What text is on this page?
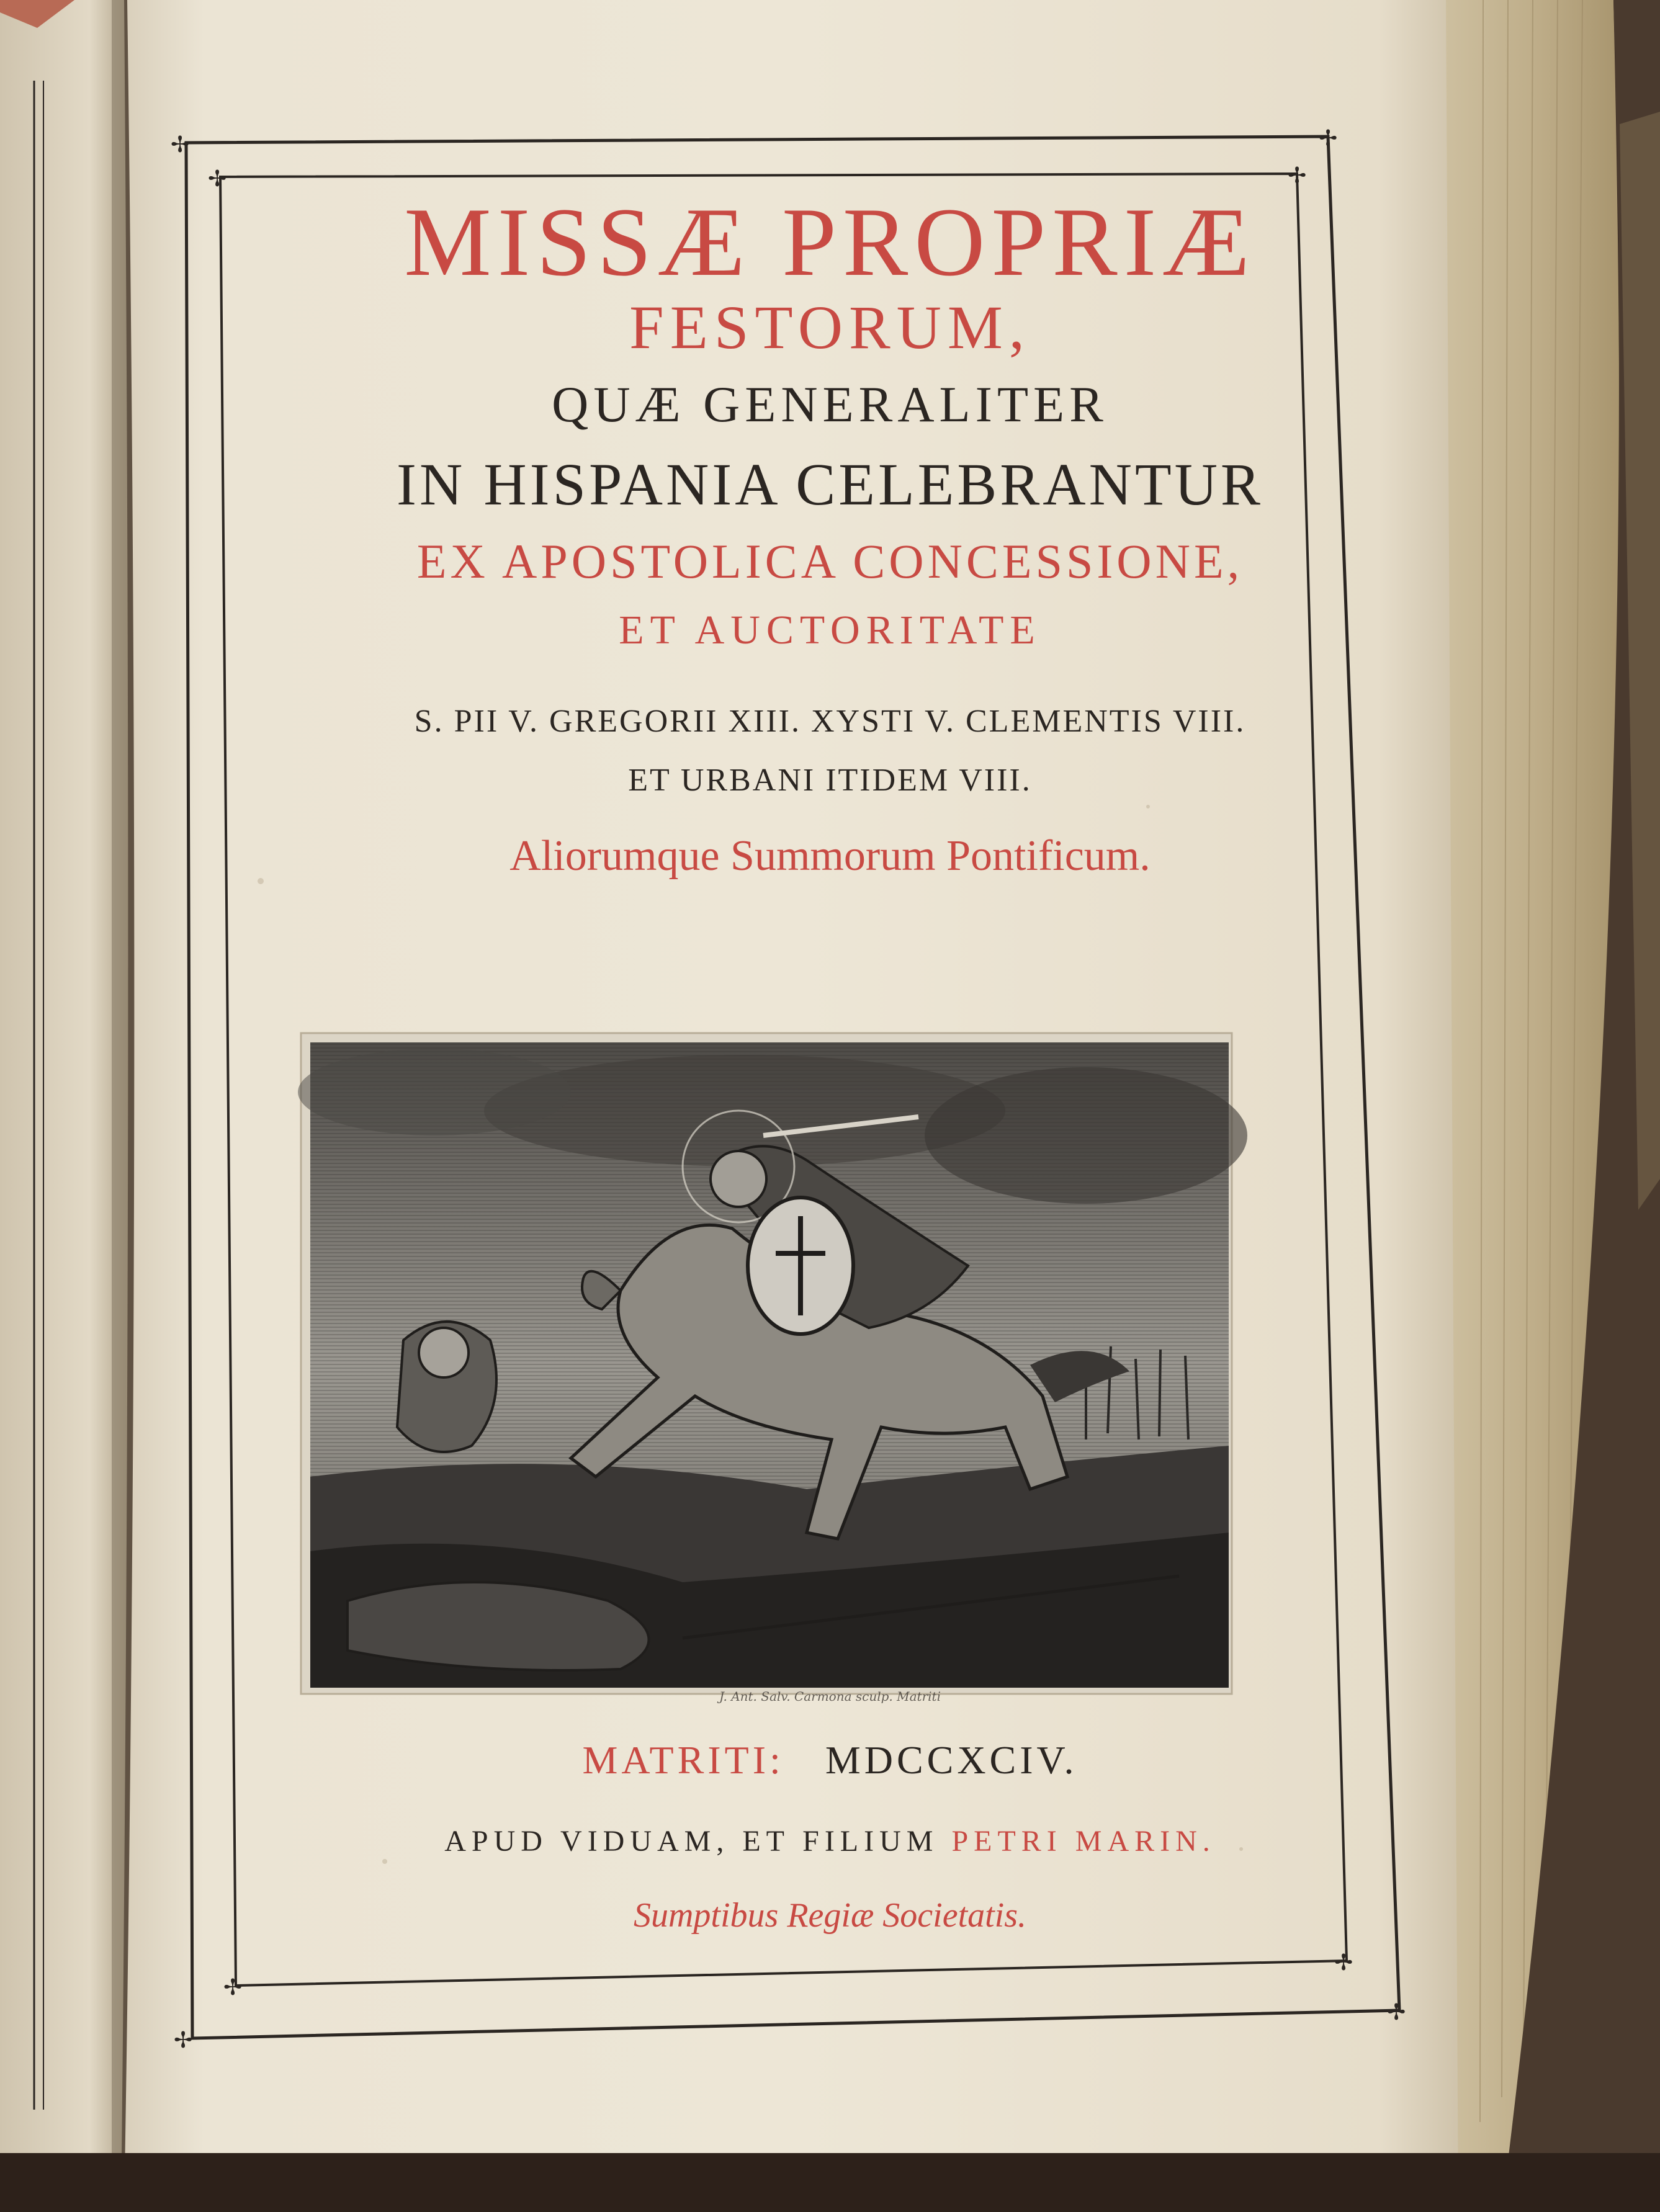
✢	✢
✢
✢
✢	✢
✢
✢
MISSÆ PROPRIÆ
FESTORUM,
QUÆ GENERALITER
IN HISPANIA CELEBRANTUR
EX APOSTOLICA CONCESSIONE,
ET AUCTORITATE
S. PII V. GREGORII XIII. XYSTI V. CLEMENTIS VIII.
ET URBANI ITIDEM VIII.
Aliorumque Summorum Pontificum.
J. Ant. Salv. Carmona sculp. Matriti
MATRITI: MDCCXCIV.
APUD VIDUAM, ET FILIUM PETRI MARIN.
Sumptibus Regiæ Societatis.
